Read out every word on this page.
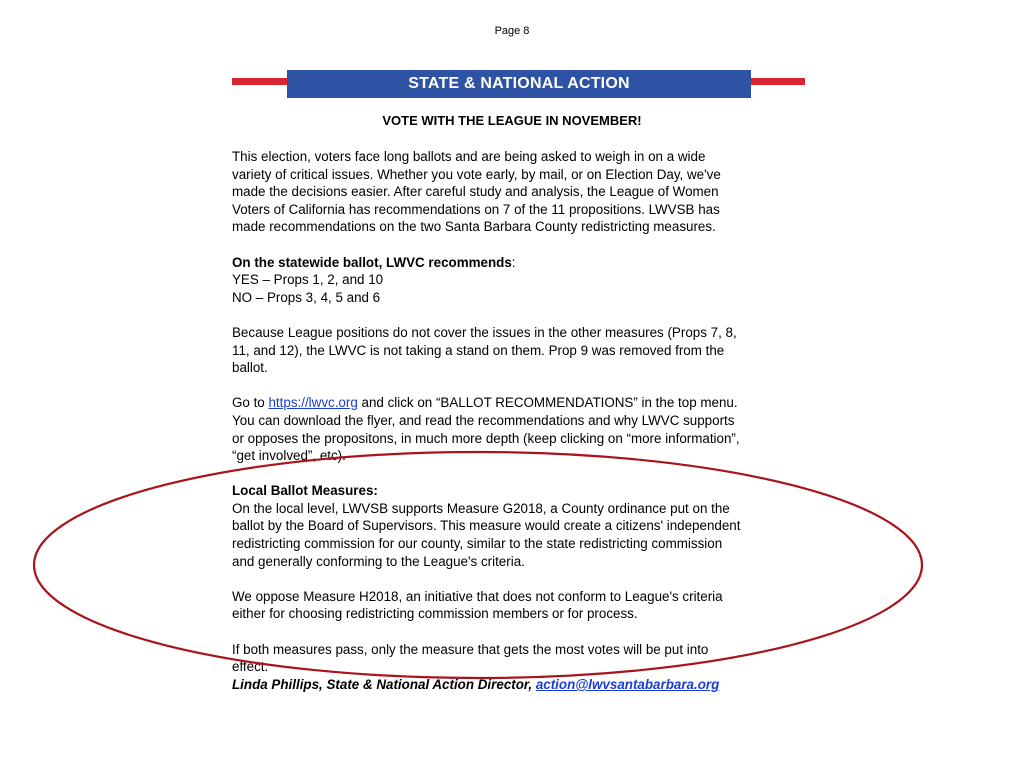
Page 8
STATE & NATIONAL ACTION
VOTE WITH THE LEAGUE IN NOVEMBER!

This election, voters face long ballots and are being asked to weigh in on a wide

variety of critical issues. Whether you vote early, by mail, or on Election Day, we've

made the decisions easier. After careful study and analysis, the League of Women

Voters of California has recommendations on 7 of the 11 propositions. LWVSB has

made recommendations on the two Santa Barbara County redistricting measures.

On the statewide ballot, LWVC recommends:

YES – Props 1, 2, and 10

NO – Props 3, 4, 5 and 6

Because League positions do not cover the issues in the other measures (Props 7, 8,

11, and 12), the LWVC is not taking a stand on them. Prop 9 was removed from the

ballot.

Go to https://lwvc.org and click on “BALLOT RECOMMENDATIONS” in the top menu.

You can download the flyer, and read the recommendations and why LWVC supports

or opposes the propositons, in much more depth (keep clicking on “more information”,

“get involved”, etc).

Local Ballot Measures:

On the local level, LWVSB supports Measure G2018, a County ordinance put on the

ballot by the Board of Supervisors. This measure would create a citizens' independent

redistricting commission for our county, similar to the state redistricting commission

and generally conforming to the League's criteria.

We oppose Measure H2018, an initiative that does not conform to League's criteria

either for choosing redistricting commission members or for process.

If both measures pass, only the measure that gets the most votes will be put into

effect.

Linda Phillips, State & National Action Director, action@lwvsantabarbara.org
